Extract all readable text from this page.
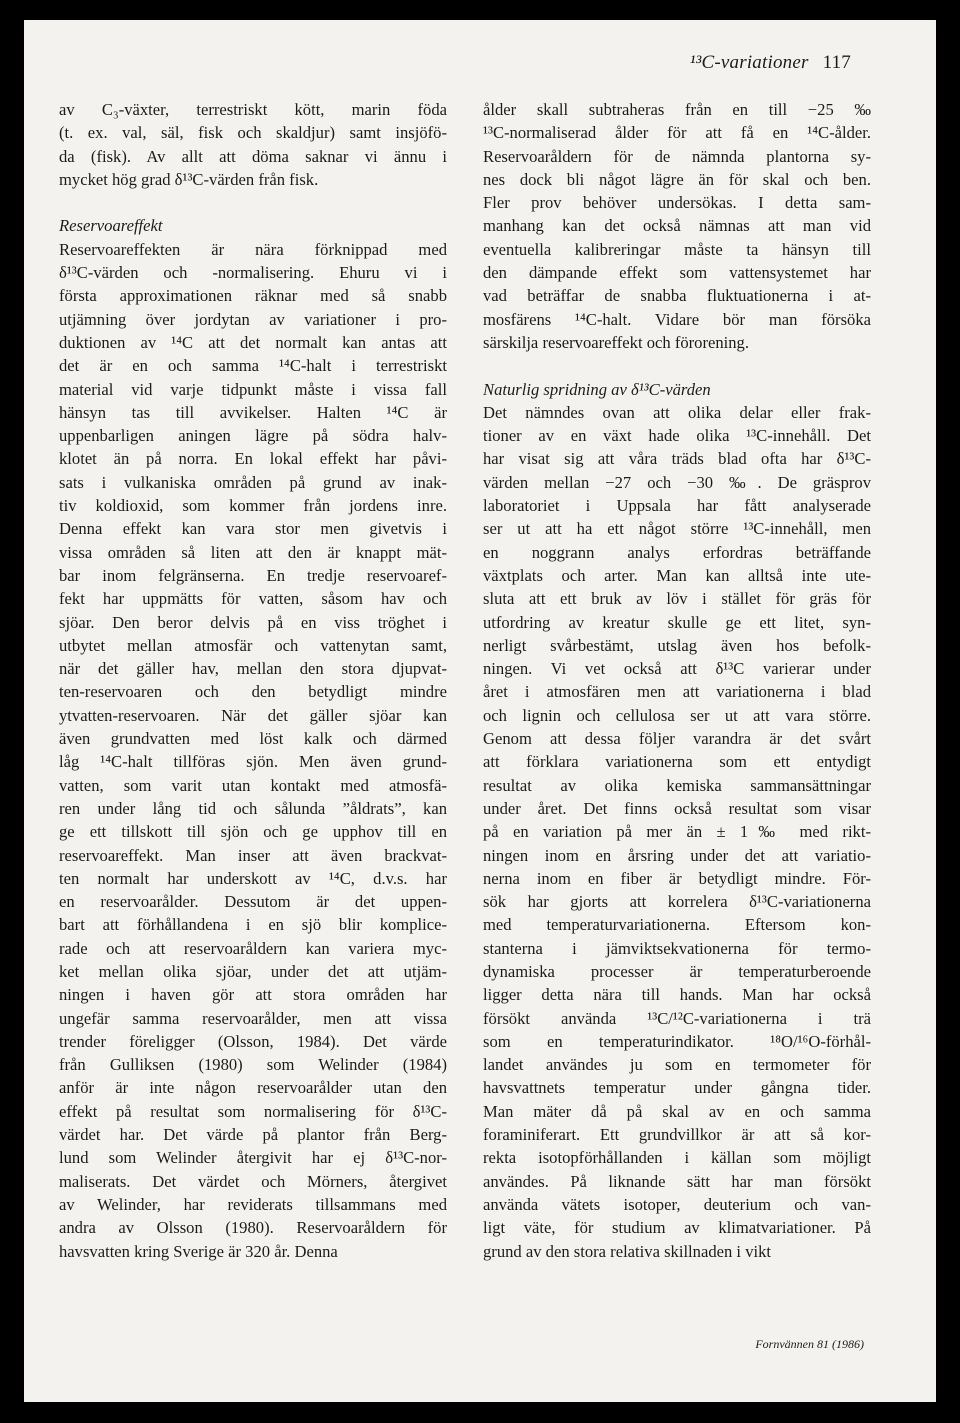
¹³C-variationer 117
av C₃-växter, terrestriskt kött, marin föda
(t. ex. val, säl, fisk och skaldjur) samt insjöfö-
da (fisk). Av allt att döma saknar vi ännu i
mycket hög grad δ¹³C-värden från fisk.
Reservoareffekt
Reservoareffekten är nära förknippad med
δ¹³C-värden och -normalisering. Ehuru vi i
första approximationen räknar med så snabb
utjämning över jordytan av variationer i pro-
duktionen av ¹⁴C att det normalt kan antas att
det är en och samma ¹⁴C-halt i terrestriskt
material vid varje tidpunkt måste i vissa fall
hänsyn tas till avvikelser. Halten ¹⁴C är
uppenbarligen aningen lägre på södra halv-
klotet än på norra. En lokal effekt har påvi-
sats i vulkaniska områden på grund av inak-
tiv koldioxid, som kommer från jordens inre.
Denna effekt kan vara stor men givetvis i
vissa områden så liten att den är knappt mät-
bar inom felgränserna. En tredje reservoaref-
fekt har uppmätts för vatten, såsom hav och
sjöar. Den beror delvis på en viss tröghet i
utbytet mellan atmosfär och vattenytan samt,
när det gäller hav, mellan den stora djupvat-
ten-reservoaren och den betydligt mindre
ytvatten-reservoaren. När det gäller sjöar kan
även grundvatten med löst kalk och därmed
låg ¹⁴C-halt tillföras sjön. Men även grund-
vatten, som varit utan kontakt med atmosfä-
ren under lång tid och sålunda ”åldrats”, kan
ge ett tillskott till sjön och ge upphov till en
reservoareffekt. Man inser att även brackvat-
ten normalt har underskott av ¹⁴C, d.v.s. har
en reservoarålder. Dessutom är det uppen-
bart att förhållandena i en sjö blir komplice-
rade och att reservoaråldern kan variera myc-
ket mellan olika sjöar, under det att utjäm-
ningen i haven gör att stora områden har
ungefär samma reservoarålder, men att vissa
trender föreligger (Olsson, 1984). Det värde
från Gulliksen (1980) som Welinder (1984)
anför är inte någon reservoarålder utan den
effekt på resultat som normalisering för δ¹³C-
värdet har. Det värde på plantor från Berg-
lund som Welinder återgivit har ej δ¹³C-nor-
maliserats. Det värdet och Mörners, återgivet
av Welinder, har reviderats tillsammans med
andra av Olsson (1980). Reservoaråldern för
havsvatten kring Sverige är 320 år. Denna
ålder skall subtraheras från en till −25 ‰
¹³C-normaliserad ålder för att få en ¹⁴C-ålder.
Reservoaråldern för de nämnda plantorna sy-
nes dock bli något lägre än för skal och ben.
Fler prov behöver undersökas. I detta sam-
manhang kan det också nämnas att man vid
eventuella kalibreringar måste ta hänsyn till
den dämpande effekt som vattensystemet har
vad beträffar de snabba fluktuationerna i at-
mosfärens ¹⁴C-halt. Vidare bör man försöka
särskilja reservoareffekt och förorening.
Naturlig spridning av δ¹³C-värden
Det nämndes ovan att olika delar eller frak-
tioner av en växt hade olika ¹³C-innehåll. Det
har visat sig att våra träds blad ofta har δ¹³C-
värden mellan −27 och −30 ‰. De gräsprov
laboratoriet i Uppsala har fått analyserade
ser ut att ha ett något större ¹³C-innehåll, men
en noggrann analys erfordras beträffande
växtplats och arter. Man kan alltså inte ute-
sluta att ett bruk av löv i stället för gräs för
utfordring av kreatur skulle ge ett litet, syn-
nerligt svårbestämt, utslag även hos befolk-
ningen. Vi vet också att δ¹³C varierar under
året i atmosfären men att variationerna i blad
och lignin och cellulosa ser ut att vara större.
Genom att dessa följer varandra är det svårt
att förklara variationerna som ett entydigt
resultat av olika kemiska sammansättningar
under året. Det finns också resultat som visar
på en variation på mer än ± 1‰ med rikt-
ningen inom en årsring under det att variatio-
nerna inom en fiber är betydligt mindre. För-
sök har gjorts att korrelera δ¹³C-variationerna
med temperaturvariationerna. Eftersom kon-
stanterna i jämviktsekvationerna för termo-
dynamiska processer är temperaturberoende
ligger detta nära till hands. Man har också
försökt använda ¹³C/¹²C-variationerna i trä
som en temperaturindikator. ¹⁸O/¹⁶O-förhål-
landet användes ju som en termometer för
havsvattnets temperatur under gångna tider.
Man mäter då på skal av en och samma
foraminiferart. Ett grundvillkor är att så kor-
rekta isotopförhållanden i källan som möjligt
användes. På liknande sätt har man försökt
använda vätets isotoper, deuterium och van-
ligt väte, för studium av klimatvariationer. På
grund av den stora relativa skillnaden i vikt
Fornvännen 81 (1986)
